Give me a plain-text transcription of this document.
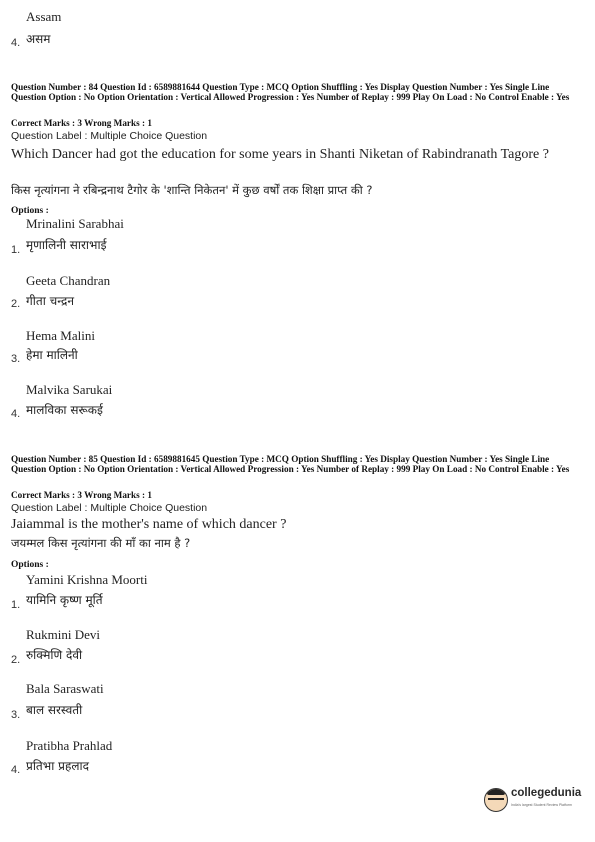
Assam
4. असम
Question Number : 84 Question Id : 6589881644 Question Type : MCQ Option Shuffling : Yes Display Question Number : Yes Single Line Question Option : No Option Orientation : Vertical Allowed Progression : Yes Number of Replay : 999 Play On Load : No Control Enable : Yes
Correct Marks : 3 Wrong Marks : 1
Question Label : Multiple Choice Question
Which Dancer had got the education for some years in Shanti Niketan of Rabindranath Tagore ?
किस नृत्यांगना ने रबिन्द्रनाथ टैगोर के 'शान्ति निकेतन' में कुछ वर्षों तक शिक्षा प्राप्त की ?
Options :
Mrinalini Sarabhai
1. मृणालिनी साराभाई
Geeta Chandran
2. गीता चन्द्रन
Hema Malini
3. हेमा मालिनी
Malvika Sarukai
4. मालविका सरूकई
Question Number : 85 Question Id : 6589881645 Question Type : MCQ Option Shuffling : Yes Display Question Number : Yes Single Line Question Option : No Option Orientation : Vertical Allowed Progression : Yes Number of Replay : 999 Play On Load : No Control Enable : Yes
Correct Marks : 3 Wrong Marks : 1
Question Label : Multiple Choice Question
Jaiammal is the mother's name of which dancer ?
जयम्मल किस नृत्यांगना की माँ का नाम है ?
Options :
Yamini Krishna Moorti
1. यामिनि कृष्ण मूर्ति
Rukmini Devi
2. रुक्मिणि देवी
Bala Saraswati
3. बाल सरस्वती
Pratibha Prahlad
4. प्रतिभा प्रहलाद
collegedunia
India's largest Student Review Platform
